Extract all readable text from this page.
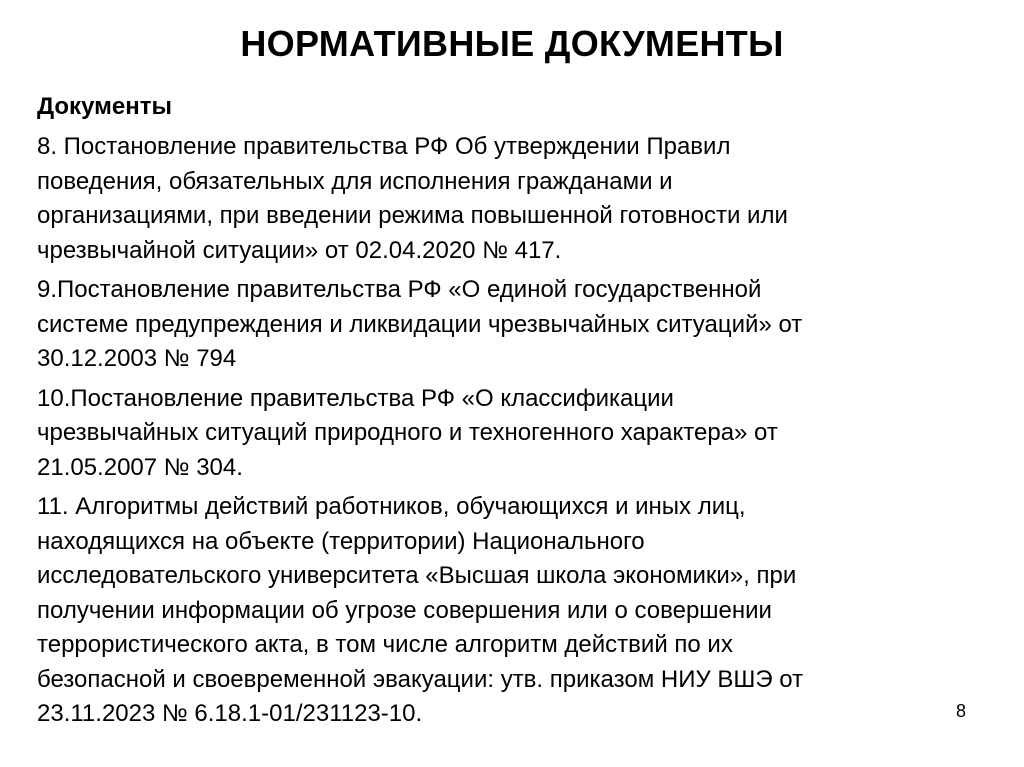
НОРМАТИВНЫЕ ДОКУМЕНТЫ
Документы
8. Постановление правительства РФ Об утверждении Правил
поведения, обязательных для исполнения гражданами и
организациями, при введении режима повышенной готовности или
чрезвычайной ситуации» от 02.04.2020 № 417.
9.Постановление правительства РФ «О единой государственной
системе предупреждения и ликвидации чрезвычайных ситуаций» от
30.12.2003 № 794
10.Постановление правительства РФ «О классификации
чрезвычайных ситуаций природного и техногенного характера» от
21.05.2007 № 304.
11. Алгоритмы действий работников, обучающихся и иных лиц,
находящихся на объекте (территории) Национального
исследовательского университета «Высшая школа экономики», при
получении информации об угрозе совершения или о совершении
террористического акта, в том числе алгоритм действий по их
безопасной и своевременной эвакуации: утв. приказом НИУ ВШЭ от
23.11.2023 № 6.18.1-01/231123-10.	8
